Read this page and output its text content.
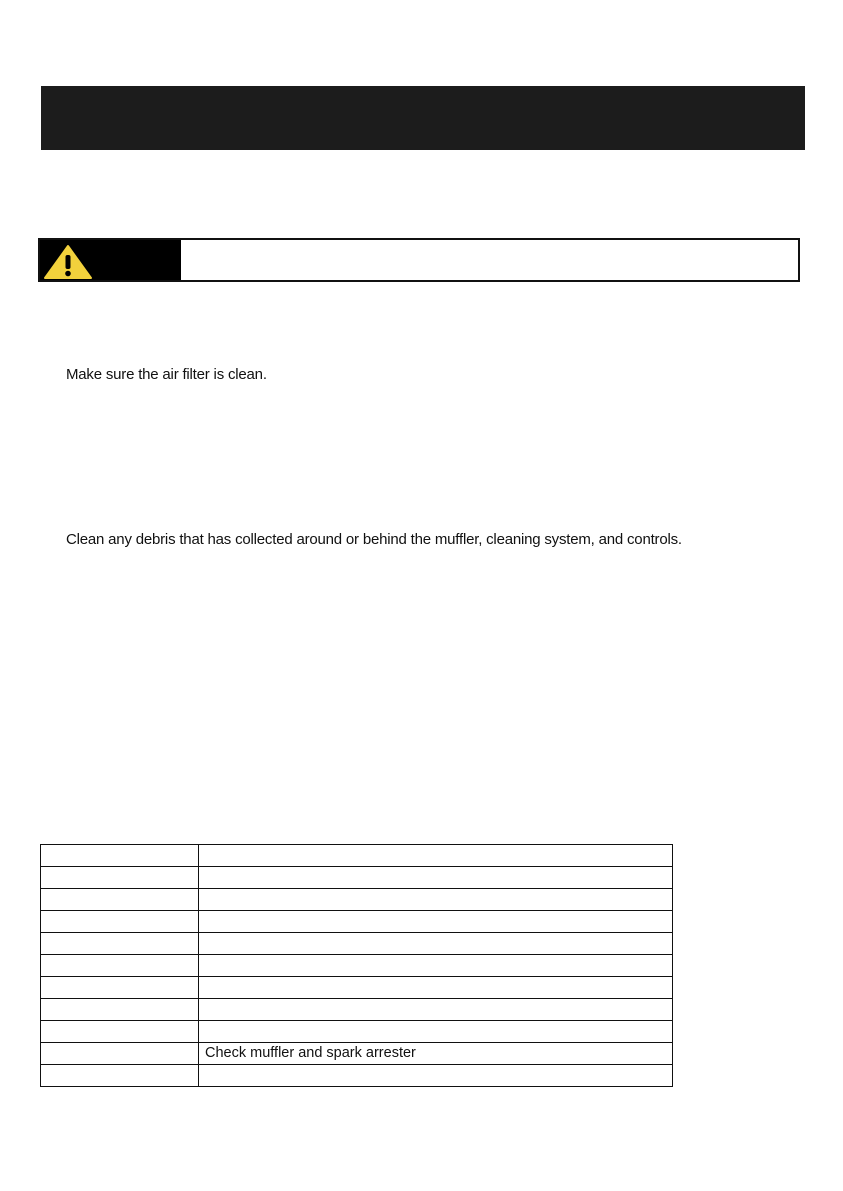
Make sure the air filter is clean.
Clean any debris that has collected around or behind the muffler, cleaning system, and controls.

	Check muffler and spark arrester
